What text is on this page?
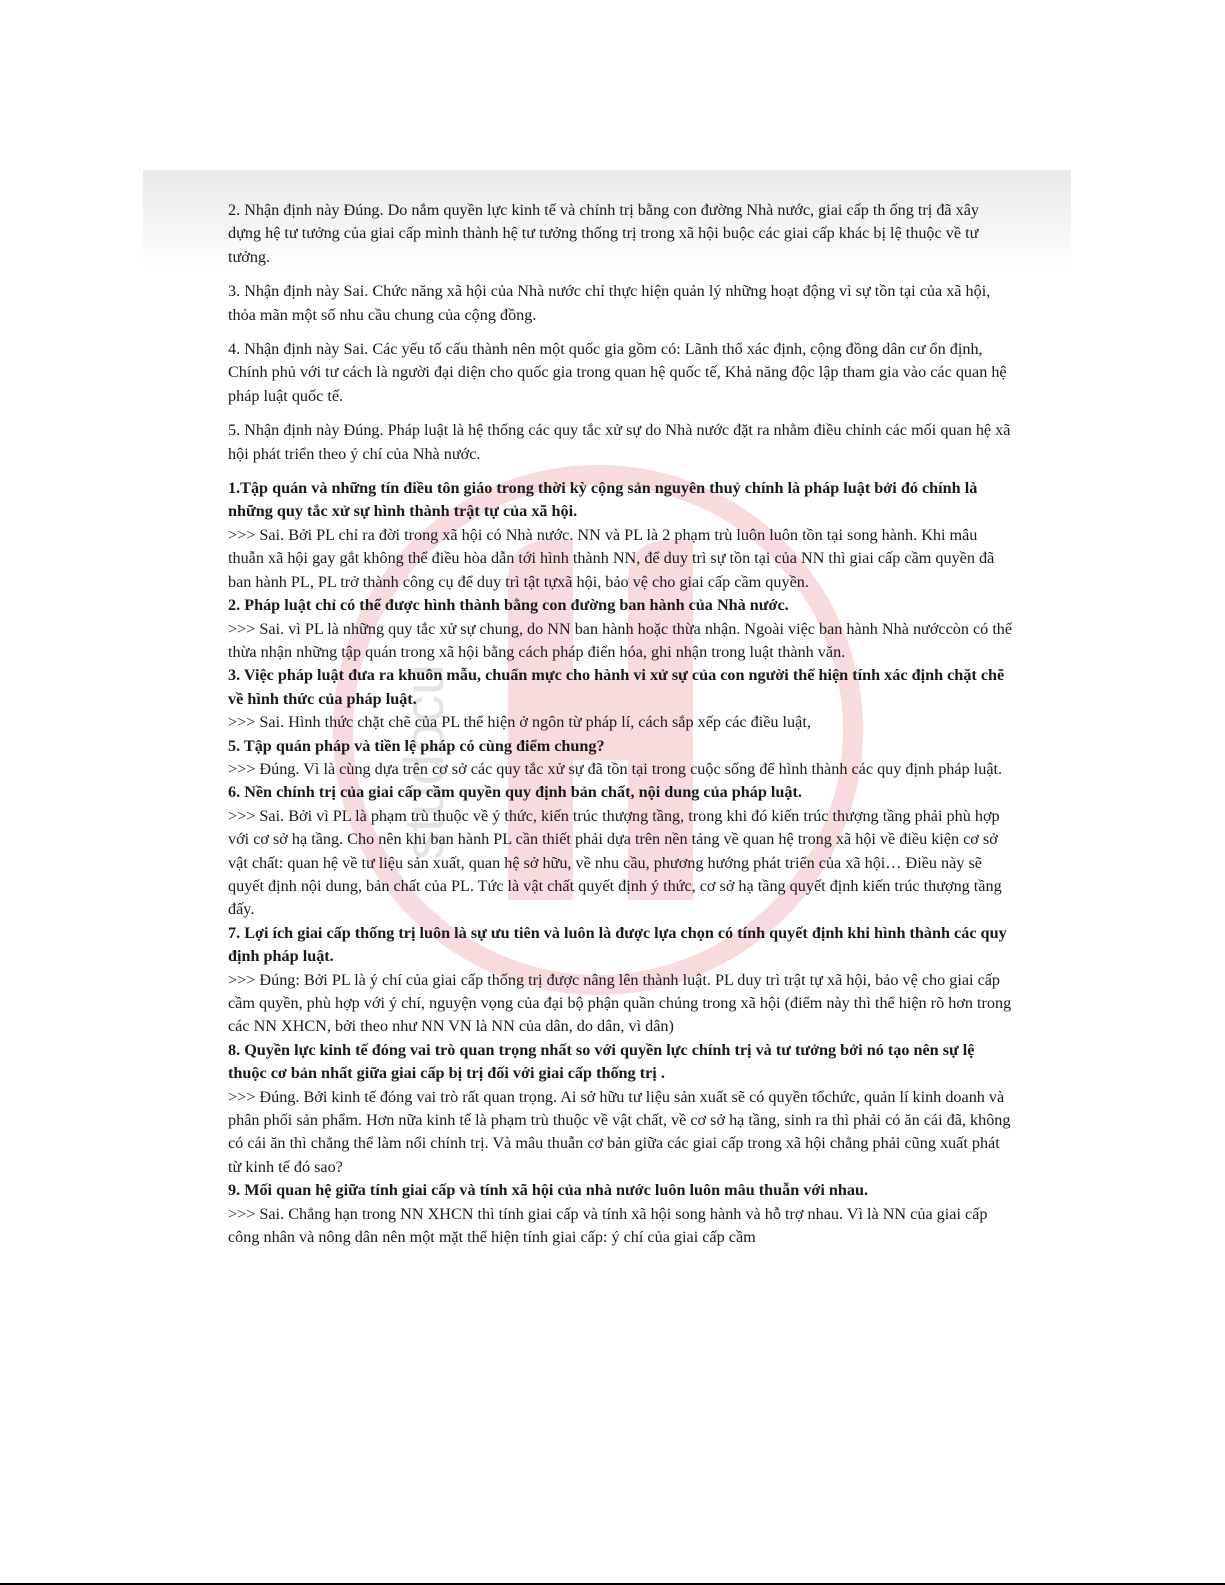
studocu

2. Nhận định này Đúng. Do nắm quyền lực kinh tế và chính trị bằng con đường Nhà nước, giai cấp th ống trị đã xây dựng hệ tư tưởng của giai cấp mình thành hệ tư tưởng thống trị trong xã hội buộc các giai cấp khác bị lệ thuộc về tư tưởng.

3. Nhận định này Sai. Chức năng xã hội của Nhà nước chỉ thực hiện quản lý những hoạt động vì sự tồn tại của xã hội, thỏa mãn một số nhu cầu chung của cộng đồng.

4. Nhận định này Sai. Các yếu tố cấu thành nên một quốc gia gồm có: Lãnh thổ xác định, cộng đồng dân cư ổn định, Chính phủ với tư cách là người đại diện cho quốc gia trong quan hệ quốc tế, Khả năng độc lập tham gia vào các quan hệ pháp luật quốc tế.

5. Nhận định này Đúng. Pháp luật là hệ thống các quy tắc xử sự do Nhà nước đặt ra nhằm điều chỉnh các mối quan hệ xã hội phát triển theo ý chí của Nhà nước.

1.Tập quán và những tín điều tôn giáo trong thời kỳ cộng sản nguyên thuỷ chính là pháp luật bởi đó chính là những quy tắc xử sự hình thành trật tự của xã hội.

>>> Sai. Bởi PL chỉ ra đời trong xã hội có Nhà nước. NN và PL là 2 phạm trù luôn luôn tồn tại song hành. Khi mâu thuẫn xã hội gay gắt không thể điều hòa dẫn tới hình thành NN, để duy trì sự tồn tại của NN thì giai cấp cầm quyền đã ban hành PL, PL trở thành công cụ để duy trì tật tựxã hội, bảo vệ cho giai cấp cầm quyền.

2. Pháp luật chỉ có thể được hình thành bằng con đường ban hành của Nhà nước.

>>> Sai. vì PL là những quy tắc xử sự chung, do NN ban hành hoặc thừa nhận. Ngoài việc ban hành Nhà nướccòn có thể thừa nhận những tập quán trong xã hội bằng cách pháp điển hóa, ghi nhận trong luật thành văn.

3. Việc pháp luật đưa ra khuôn mẫu, chuẩn mực cho hành vi xử sự của con người thể hiện tính xác định chặt chẽ về hình thức của pháp luật.

>>> Sai. Hình thức chặt chẽ của PL thể hiện ở ngôn từ pháp lí, cách sắp xếp các điều luật,

5. Tập quán pháp và tiền lệ pháp có cùng điểm chung?

>>> Đúng. Vì là cùng dựa trên cơ sở các quy tắc xử sự đã tồn tại trong cuộc sống để hình thành các quy định pháp luật.

6. Nền chính trị của giai cấp cầm quyền quy định bản chất, nội dung của pháp luật.

>>> Sai. Bởi vì PL là phạm trù thuộc về ý thức, kiến trúc thượng tầng, trong khi đó kiến trúc thượng tầng phải phù hợp với cơ sở hạ tầng. Cho nên khi ban hành PL cần thiết phải dựa trên nền tảng về quan hệ trong xã hội về điều kiện cơ sở vật chất: quan hệ về tư liệu sản xuất, quan hệ sở hữu, về nhu cầu, phương hướng phát triển của xã hội… Điều này sẽ quyết định nội dung, bản chất của PL. Tức là vật chất quyết định ý thức, cơ sở hạ tầng quyết định kiến trúc thượng tầng đấy.

7. Lợi ích giai cấp thống trị luôn là sự ưu tiên và luôn là được lựa chọn có tính quyết định khi hình thành các quy định pháp luật.

>>> Đúng: Bởi PL là ý chí của giai cấp thống trị được nâng lên thành luật. PL duy trì trật tự xã hội, bảo vệ cho giai cấp cầm quyền, phù hợp với ý chí, nguyện vọng của đại bộ phận quần chúng trong xã hội (điểm này thì thể hiện rõ hơn trong các NN XHCN, bởi theo như NN VN là NN của dân, do dân, vì dân)

8. Quyền lực kinh tế đóng vai trò quan trọng nhất so với quyền lực chính trị và tư tưởng bởi nó tạo nên sự lệ thuộc cơ bản nhất giữa giai cấp bị trị đối với giai cấp thống trị .

>>> Đúng. Bởi kinh tế đóng vai trò rất quan trọng. Ai sở hữu tư liệu sản xuất sẽ có quyền tổchức, quản lí kinh doanh và phân phối sản phẩm. Hơn nữa kinh tế là phạm trù thuộc về vật chất, về cơ sở hạ tầng, sinh ra thì phải có ăn cái đã, không có cái ăn thì chẳng thể làm nổi chính trị. Và mâu thuẫn cơ bản giữa các giai cấp trong xã hội chẳng phải cũng xuất phát từ kinh tế đó sao?

9. Mối quan hệ giữa tính giai cấp và tính xã hội của nhà nước luôn luôn mâu thuẫn với nhau.

>>> Sai. Chẳng hạn trong NN XHCN thì tính giai cấp và tính xã hội song hành và hỗ trợ nhau. Vì là NN của giai cấp công nhân và nông dân nên một mặt thể hiện tính giai cấp: ý chí của giai cấp cầm
